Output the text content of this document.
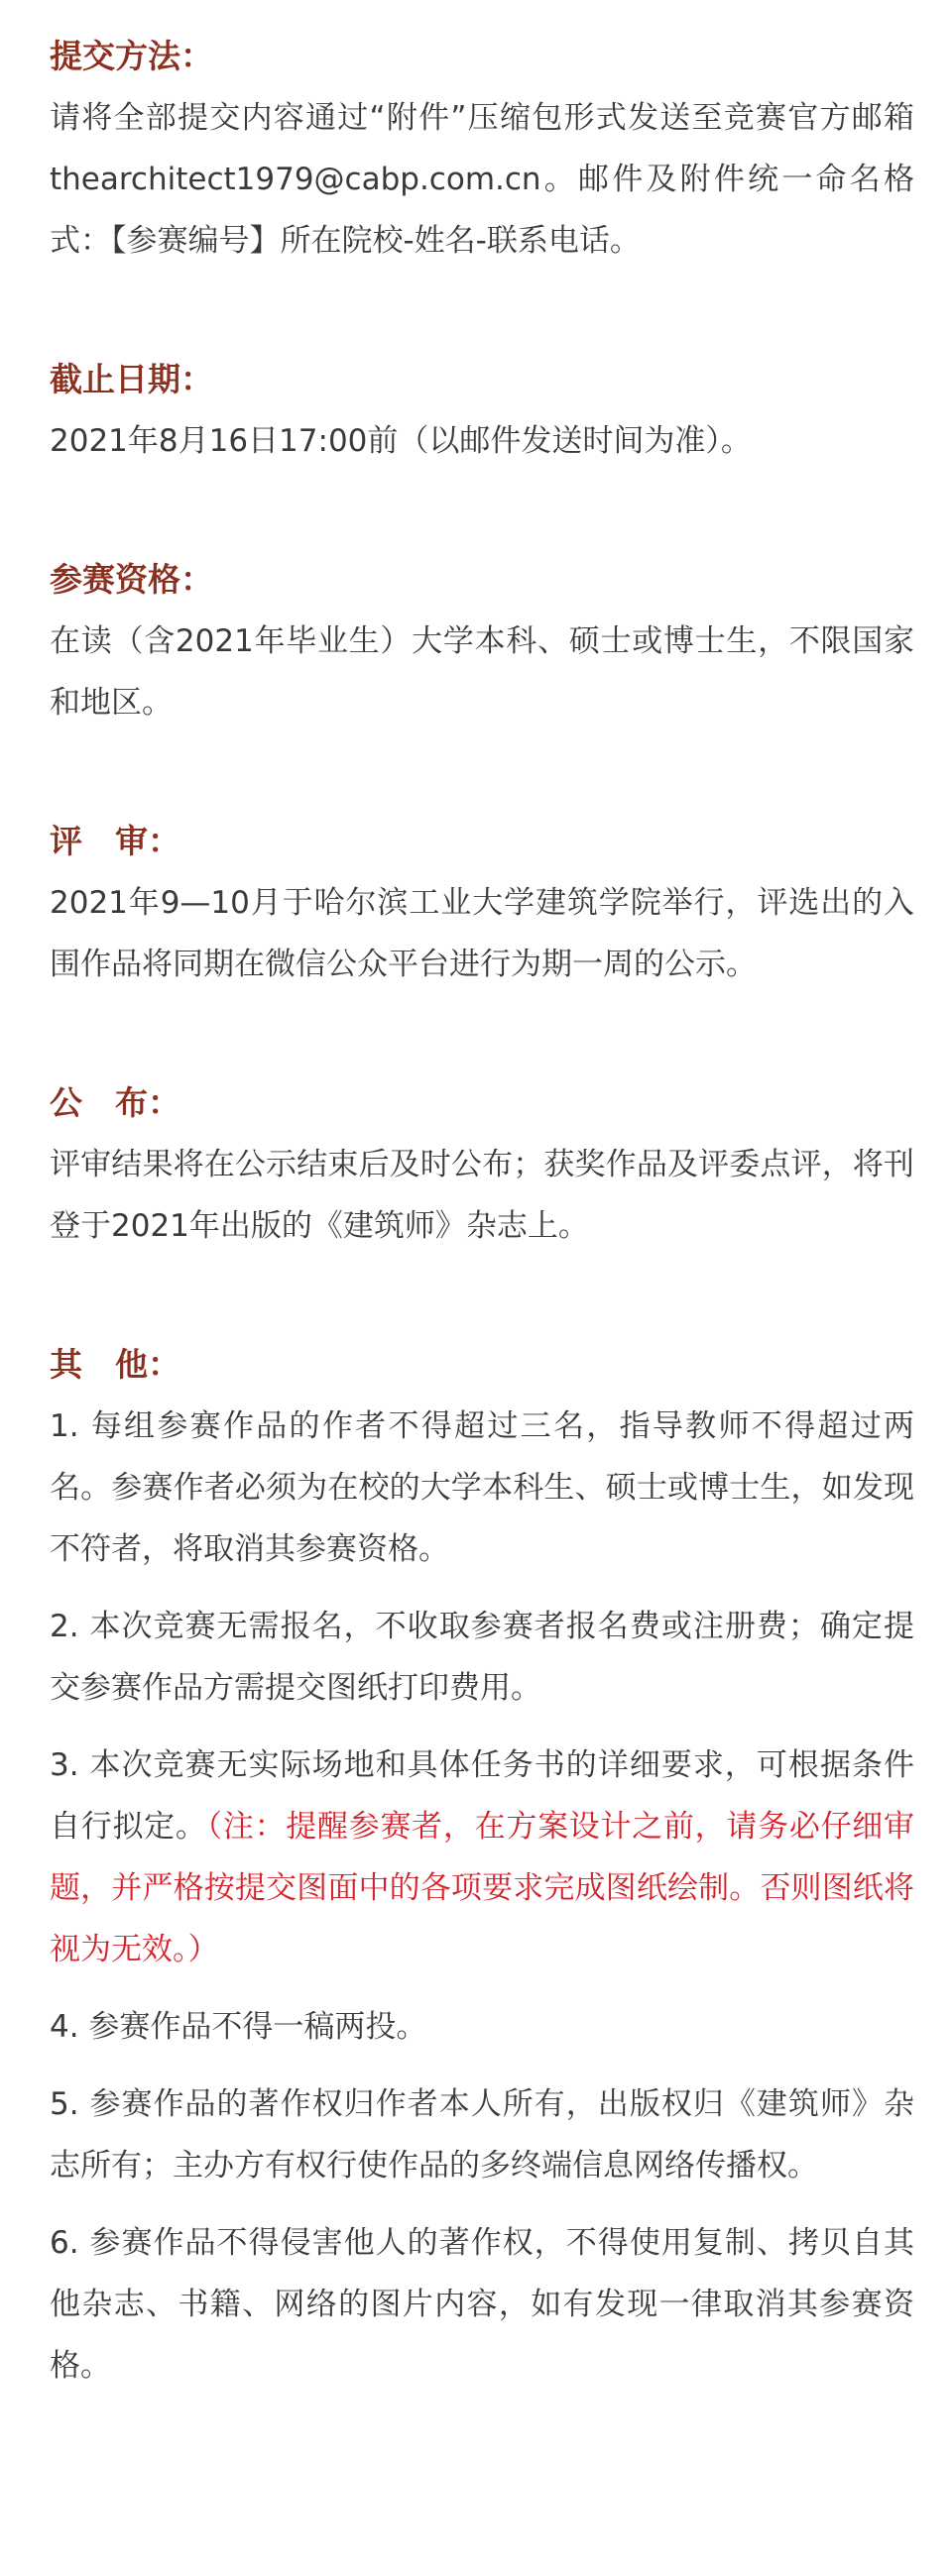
提交方法：

请将全部提交内容通过“附件”压缩包形式发送至竞赛官方邮箱thearchitect1979@cabp.com.cn。邮件及附件统一命名格式：【参赛编号】所在院校-姓名-联系电话。

截止日期：

2021年8月16日17:00前（以邮件发送时间为准）。

参赛资格：

在读（含2021年毕业生）大学本科、硕士或博士生，不限国家和地区。

评　审：

2021年9—10月于哈尔滨工业大学建筑学院举行，评选出的入围作品将同期在微信公众平台进行为期一周的公示。

公　布：

评审结果将在公示结束后及时公布；获奖作品及评委点评，将刊登于2021年出版的《建筑师》杂志上。

其　他：

1. 每组参赛作品的作者不得超过三名，指导教师不得超过两名。参赛作者必须为在校的大学本科生、硕士或博士生，如发现不符者，将取消其参赛资格。

2. 本次竞赛无需报名，不收取参赛者报名费或注册费；确定提交参赛作品方需提交图纸打印费用。

3. 本次竞赛无实际场地和具体任务书的详细要求，可根据条件自行拟定。（注：提醒参赛者，在方案设计之前，请务必仔细审题，并严格按提交图面中的各项要求完成图纸绘制。否则图纸将视为无效。）

4. 参赛作品不得一稿两投。

5. 参赛作品的著作权归作者本人所有，出版权归《建筑师》杂志所有；主办方有权行使作品的多终端信息网络传播权。

6. 参赛作品不得侵害他人的著作权，不得使用复制、拷贝自其他杂志、书籍、网络的图片内容，如有发现一律取消其参赛资格。
